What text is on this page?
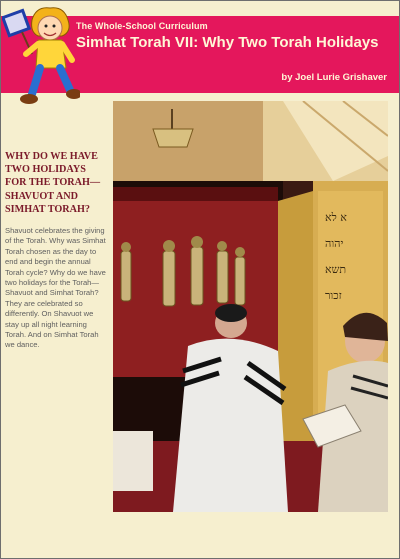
The Whole-School Curriculum
Simhat Torah VII: Why Two Torah Holidays
by Joel Lurie Grishaver
WHY DO WE HAVE TWO HOLIDAYS FOR THE TORAH—SHAVUOT AND SIMHAT TORAH?
Shavuot celebrates the giving of the Torah. Why was Simhat Torah chosen as the day to end and begin the annual Torah cycle? Why do we have two holidays for the Torah—Shavuot and Simhat Torah? They are celebrated so differently. On Shavuot we stay up all night learning Torah. And on Simhat Torah we dance.
א לא
יהוה
תשא
זכור
